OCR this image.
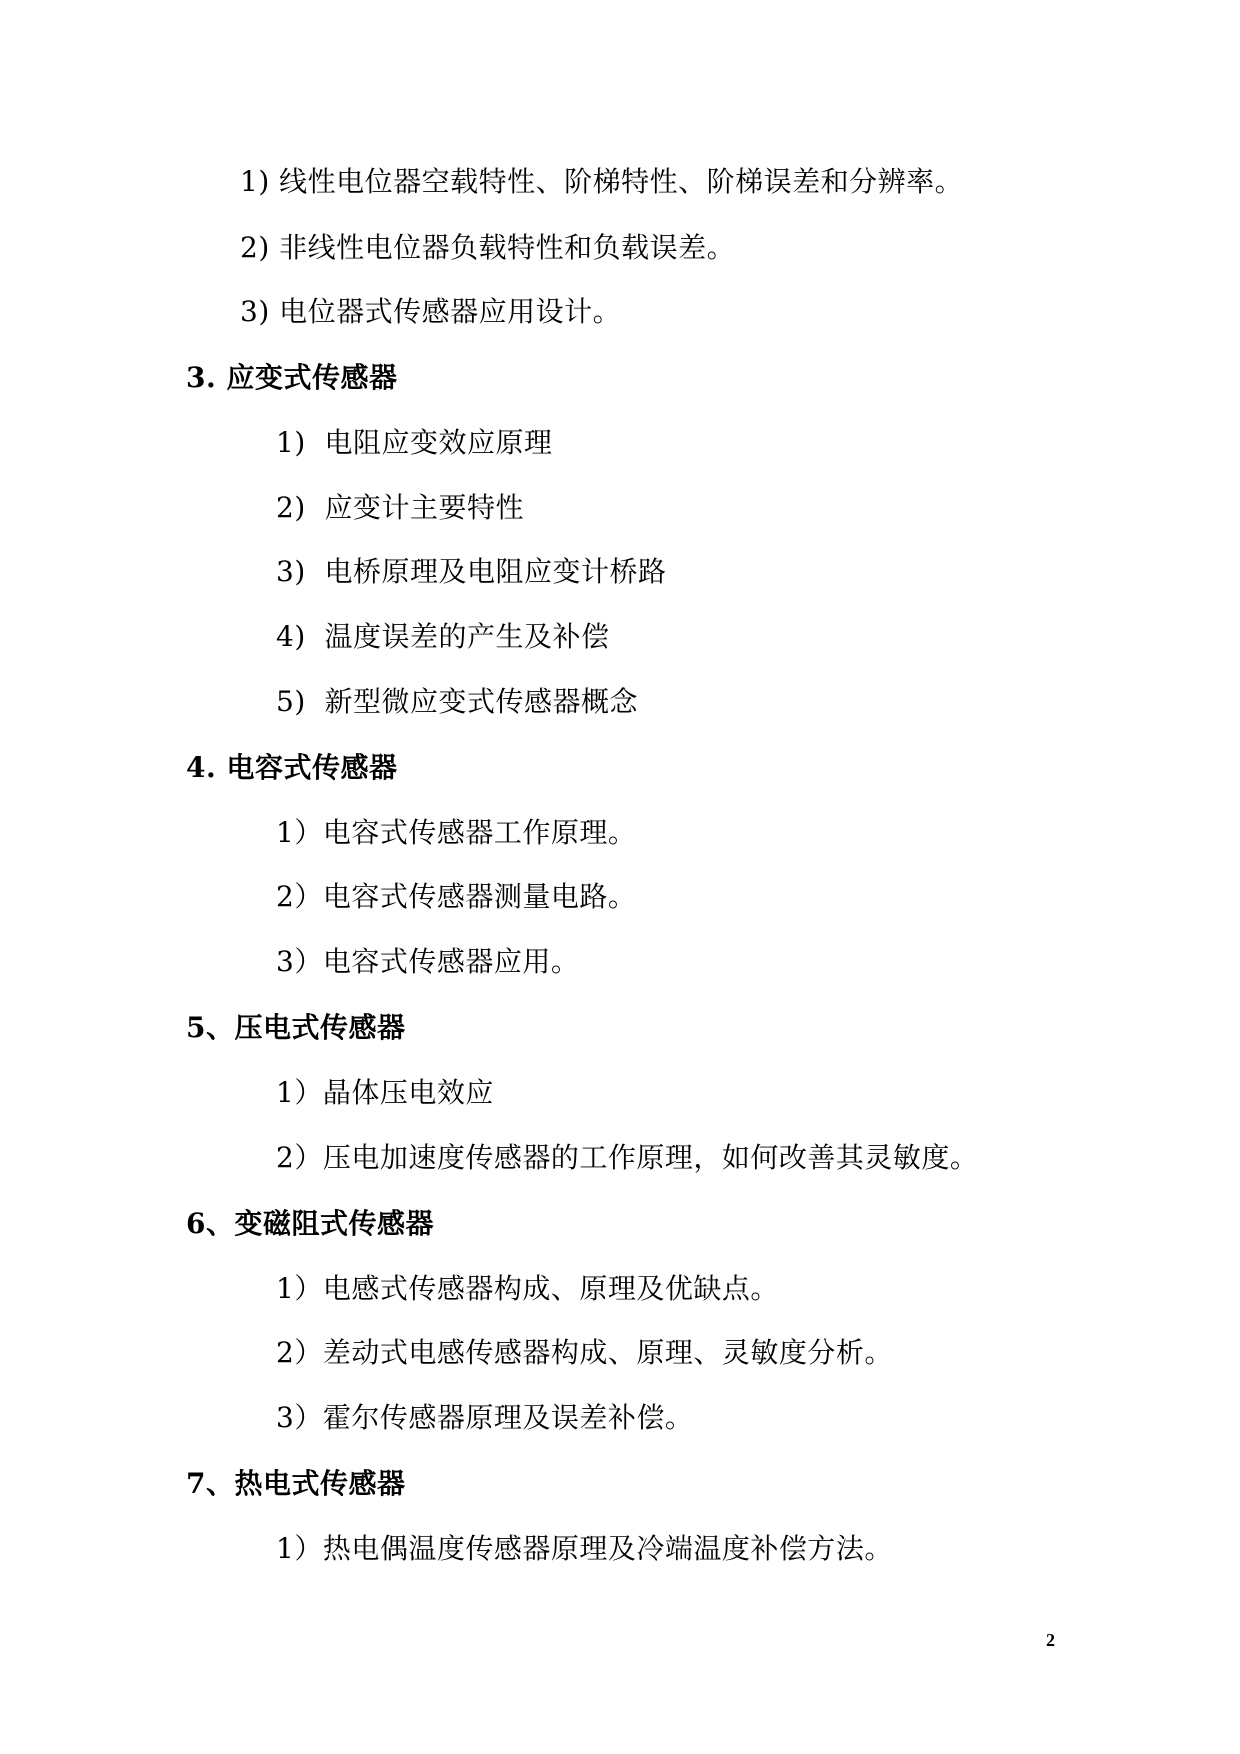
1) 线性电位器空载特性、阶梯特性、阶梯误差和分辨率。
2) 非线性电位器负载特性和负载误差。
3) 电位器式传感器应用设计。
3. 应变式传感器
1)  电阻应变效应原理
2)  应变计主要特性
3)  电桥原理及电阻应变计桥路
4)  温度误差的产生及补偿
5)  新型微应变式传感器概念
4. 电容式传感器
1）电容式传感器工作原理。
2）电容式传感器测量电路。
3）电容式传感器应用。
5、压电式传感器
1）晶体压电效应
2）压电加速度传感器的工作原理，如何改善其灵敏度。
6、变磁阻式传感器
1）电感式传感器构成、原理及优缺点。
2）差动式电感传感器构成、原理、灵敏度分析。
3）霍尔传感器原理及误差补偿。
7、热电式传感器
1）热电偶温度传感器原理及冷端温度补偿方法。
2
